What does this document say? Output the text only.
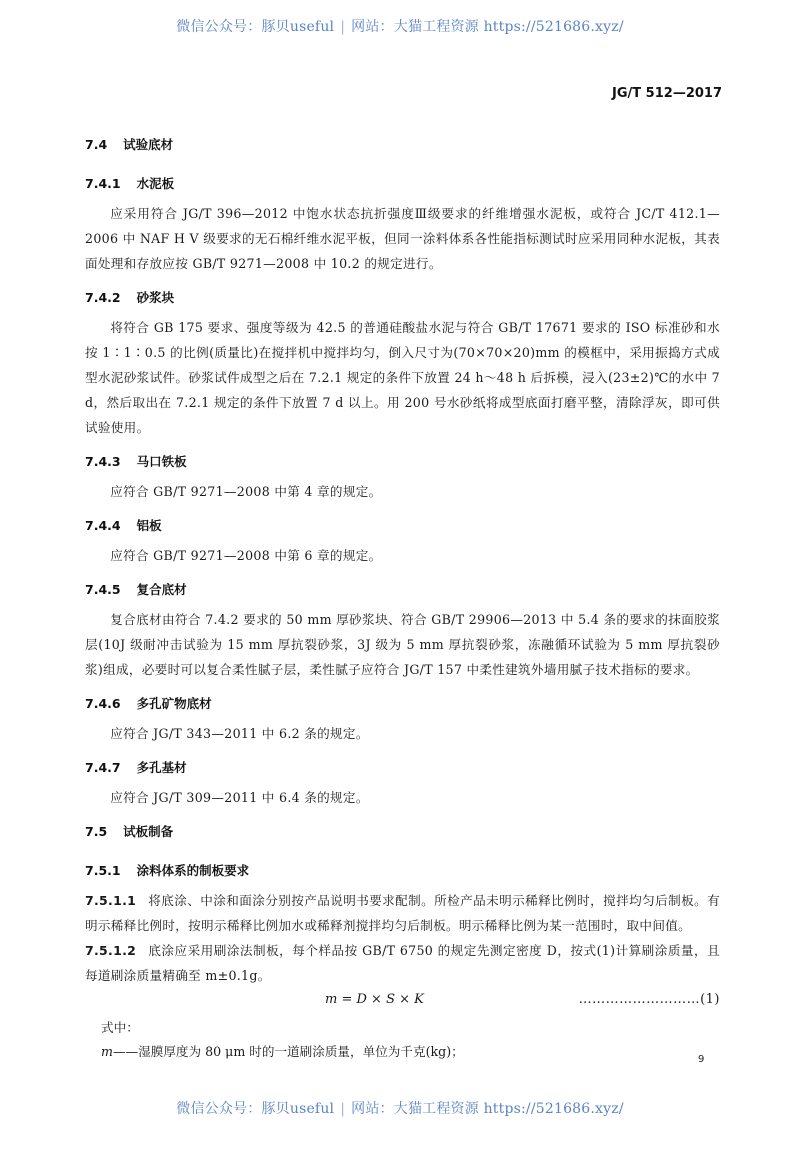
微信公众号：豚贝useful | 网站：大猫工程资源 https://521686.xyz/
JG/T 512—2017
7.4 试验底材
7.4.1 水泥板

应采用符合 JG/T 396—2012 中饱水状态抗折强度Ⅲ级要求的纤维增强水泥板，或符合 JC/T 412.1—2006 中 NAF H V 级要求的无石棉纤维水泥平板，但同一涂料体系各性能指标测试时应采用同种水泥板，其表面处理和存放应按 GB/T 9271—2008 中 10.2 的规定进行。

7.4.2 砂浆块

将符合 GB 175 要求、强度等级为 42.5 的普通硅酸盐水泥与符合 GB/T 17671 要求的 ISO 标准砂和水按 1∶1∶0.5 的比例(质量比)在搅拌机中搅拌均匀，倒入尺寸为(70×70×20)mm 的模框中，采用振捣方式成型水泥砂浆试件。砂浆试件成型之后在 7.2.1 规定的条件下放置 24 h～48 h 后拆模，浸入(23±2)℃的水中 7 d，然后取出在 7.2.1 规定的条件下放置 7 d 以上。用 200 号水砂纸将成型底面打磨平整，清除浮灰，即可供试验使用。

7.4.3 马口铁板

应符合 GB/T 9271—2008 中第 4 章的规定。

7.4.4 铝板

应符合 GB/T 9271—2008 中第 6 章的规定。

7.4.5 复合底材

复合底材由符合 7.4.2 要求的 50 mm 厚砂浆块、符合 GB/T 29906—2013 中 5.4 条的要求的抹面胶浆层(10J 级耐冲击试验为 15 mm 厚抗裂砂浆，3J 级为 5 mm 厚抗裂砂浆，冻融循环试验为 5 mm 厚抗裂砂浆)组成，必要时可以复合柔性腻子层，柔性腻子应符合 JG/T 157 中柔性建筑外墙用腻子技术指标的要求。

7.4.6 多孔矿物底材

应符合 JG/T 343—2011 中 6.2 条的规定。

7.4.7 多孔基材

应符合 JG/T 309—2011 中 6.4 条的规定。

7.5 试板制备
7.5.1 涂料体系的制板要求

7.5.1.1 将底涂、中涂和面涂分别按产品说明书要求配制。所检产品未明示稀释比例时，搅拌均匀后制板。有明示稀释比例时，按明示稀释比例加水或稀释剂搅拌均匀后制板。明示稀释比例为某一范围时，取中间值。

7.5.1.2 底涂应采用刷涂法制板，每个样品按 GB/T 6750 的规定先测定密度 D，按式(1)计算刷涂质量，且每道刷涂质量精确至 m±0.1g。

m = D × S × K	………………………(1)

式中：

m——湿膜厚度为 80 μm 时的一道刷涂质量，单位为千克(kg)；

9
微信公众号：豚贝useful | 网站：大猫工程资源 https://521686.xyz/
